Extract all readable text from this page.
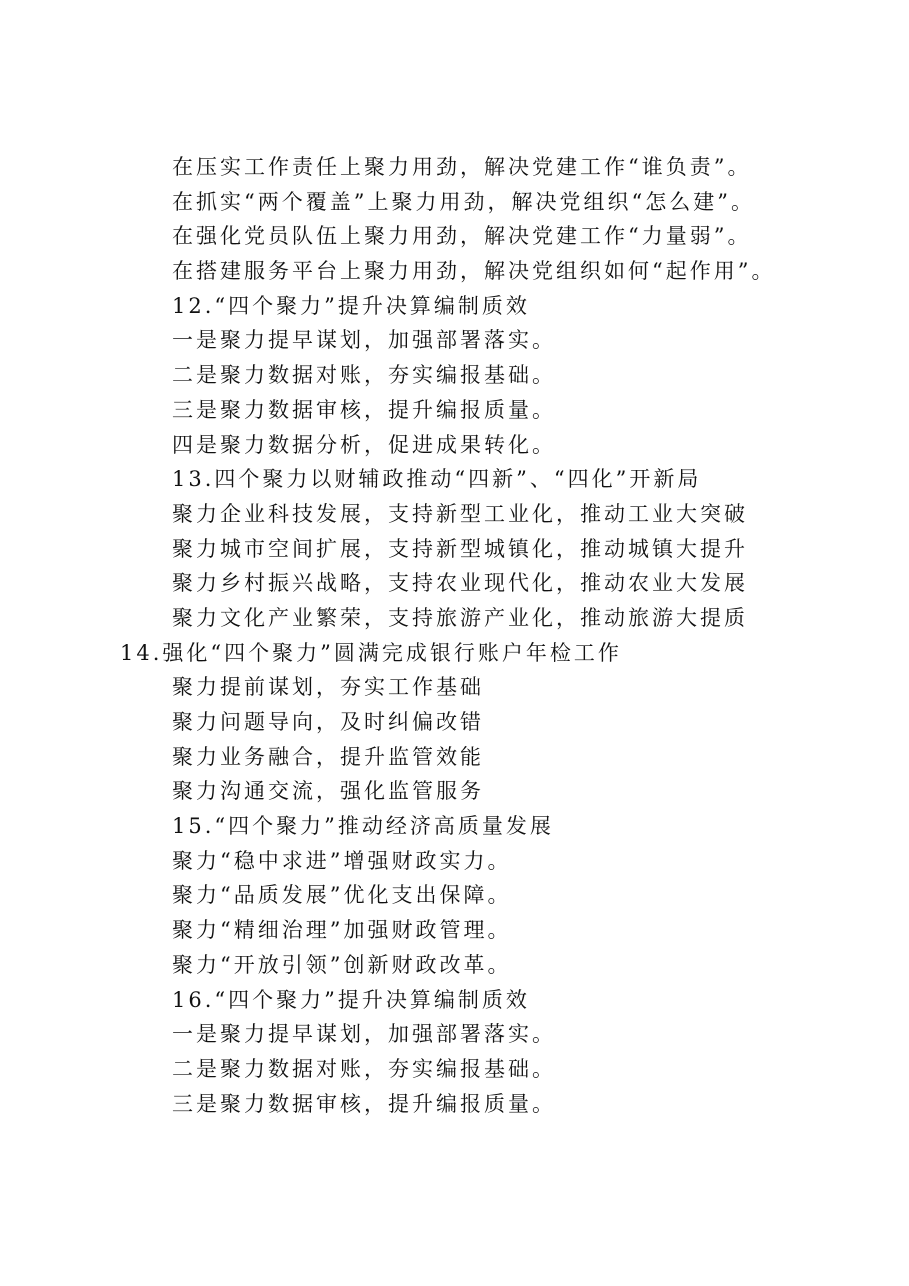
在压实工作责任上聚力用劲，解决党建工作“谁负责”。
在抓实“两个覆盖”上聚力用劲，解决党组织“怎么建”。
在强化党员队伍上聚力用劲，解决党建工作“力量弱”。
在搭建服务平台上聚力用劲，解决党组织如何“起作用”。
12.“四个聚力”提升决算编制质效
一是聚力提早谋划，加强部署落实。
二是聚力数据对账，夯实编报基础。
三是聚力数据审核，提升编报质量。
四是聚力数据分析，促进成果转化。
13.四个聚力以财辅政推动“四新”、“四化”开新局
聚力企业科技发展，支持新型工业化，推动工业大突破
聚力城市空间扩展，支持新型城镇化，推动城镇大提升
聚力乡村振兴战略，支持农业现代化，推动农业大发展
聚力文化产业繁荣，支持旅游产业化，推动旅游大提质
14.强化“四个聚力”圆满完成银行账户年检工作
聚力提前谋划，夯实工作基础
聚力问题导向，及时纠偏改错
聚力业务融合，提升监管效能
聚力沟通交流，强化监管服务
15.“四个聚力”推动经济高质量发展
聚力“稳中求进”增强财政实力。
聚力“品质发展”优化支出保障。
聚力“精细治理”加强财政管理。
聚力“开放引领”创新财政改革。
16.“四个聚力”提升决算编制质效
一是聚力提早谋划，加强部署落实。
二是聚力数据对账，夯实编报基础。
三是聚力数据审核，提升编报质量。
